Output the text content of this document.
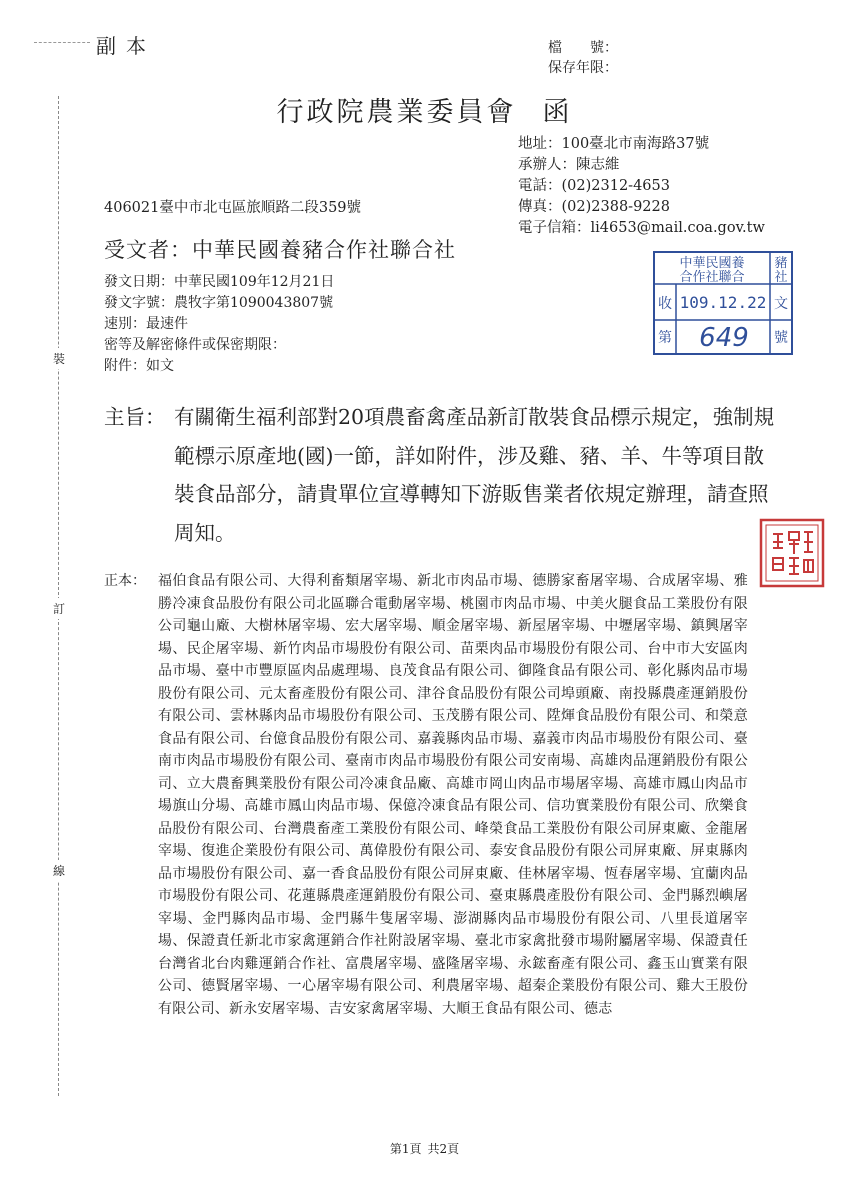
副本	檔　　號：
保存年限：
行政院農業委員會 函
地址：100臺北市南海路37號
承辦人：陳志維
電話：(02)2312-4653
傳真：(02)2388-9228
電子信箱：li4653@mail.coa.gov.tw
406021臺中市北屯區旅順路二段359號
受文者：中華民國養豬合作社聯合社
發文日期：中華民國109年12月21日
發文字號：農牧字第1090043807號
速別：最速件
密等及解密條件或保密期限：
附件：如文
中華民國養
合作社聯合
豬
社
收 109.12.22 文
第 649 號
主旨： 有關衛生福利部對20項農畜禽產品新訂散裝食品標示規定，強制規範標示原產地(國)一節，詳如附件，涉及雞、豬、羊、牛等項目散裝食品部分，請貴單位宣導轉知下游販售業者依規定辦理，請查照周知。
正本： 福伯食品有限公司、大得利畜類屠宰場、新北市肉品市場、德勝家畜屠宰場、合成屠宰場、雅勝冷凍食品股份有限公司北區聯合電動屠宰場、桃園市肉品市場、中美火腿食品工業股份有限公司龜山廠、大樹林屠宰場、宏大屠宰場、順金屠宰場、新屋屠宰場、中壢屠宰場、鎮興屠宰場、民企屠宰場、新竹肉品市場股份有限公司、苗栗肉品市場股份有限公司、台中市大安區肉品市場、臺中市豐原區肉品處理場、良茂食品有限公司、御隆食品有限公司、彰化縣肉品市場股份有限公司、元太畜產股份有限公司、津谷食品股份有限公司埠頭廠、南投縣農產運銷股份有限公司、雲林縣肉品市場股份有限公司、玉茂勝有限公司、陞煇食品股份有限公司、和榮意食品有限公司、台億食品股份有限公司、嘉義縣肉品市場、嘉義市肉品市場股份有限公司、臺南市肉品市場股份有限公司、臺南市肉品市場股份有限公司安南場、高雄肉品運銷股份有限公司、立大農畜興業股份有限公司冷凍食品廠、高雄市岡山肉品市場屠宰場、高雄市鳳山肉品市場旗山分場、高雄市鳳山肉品市場、保億冷凍食品有限公司、信功實業股份有限公司、欣樂食品股份有限公司、台灣農畜產工業股份有限公司、峰榮食品工業股份有限公司屏東廠、金龍屠宰場、復進企業股份有限公司、萬偉股份有限公司、泰安食品股份有限公司屏東廠、屏東縣肉品市場股份有限公司、嘉一香食品股份有限公司屏東廠、佳林屠宰場、恆春屠宰場、宜蘭肉品市場股份有限公司、花蓮縣農產運銷股份有限公司、臺東縣農產股份有限公司、金門縣烈嶼屠宰場、金門縣肉品市場、金門縣牛隻屠宰場、澎湖縣肉品市場股份有限公司、八里長道屠宰場、保證責任新北市家禽運銷合作社附設屠宰場、臺北市家禽批發市場附屬屠宰場、保證責任台灣省北台肉雞運銷合作社、富農屠宰場、盛隆屠宰場、永鋐畜產有限公司、鑫玉山實業有限公司、德賢屠宰場、一心屠宰場有限公司、利農屠宰場、超秦企業股份有限公司、雞大王股份有限公司、新永安屠宰場、吉安家禽屠宰場、大順王食品有限公司、德志
裝
訂
線
第1頁 共2頁
